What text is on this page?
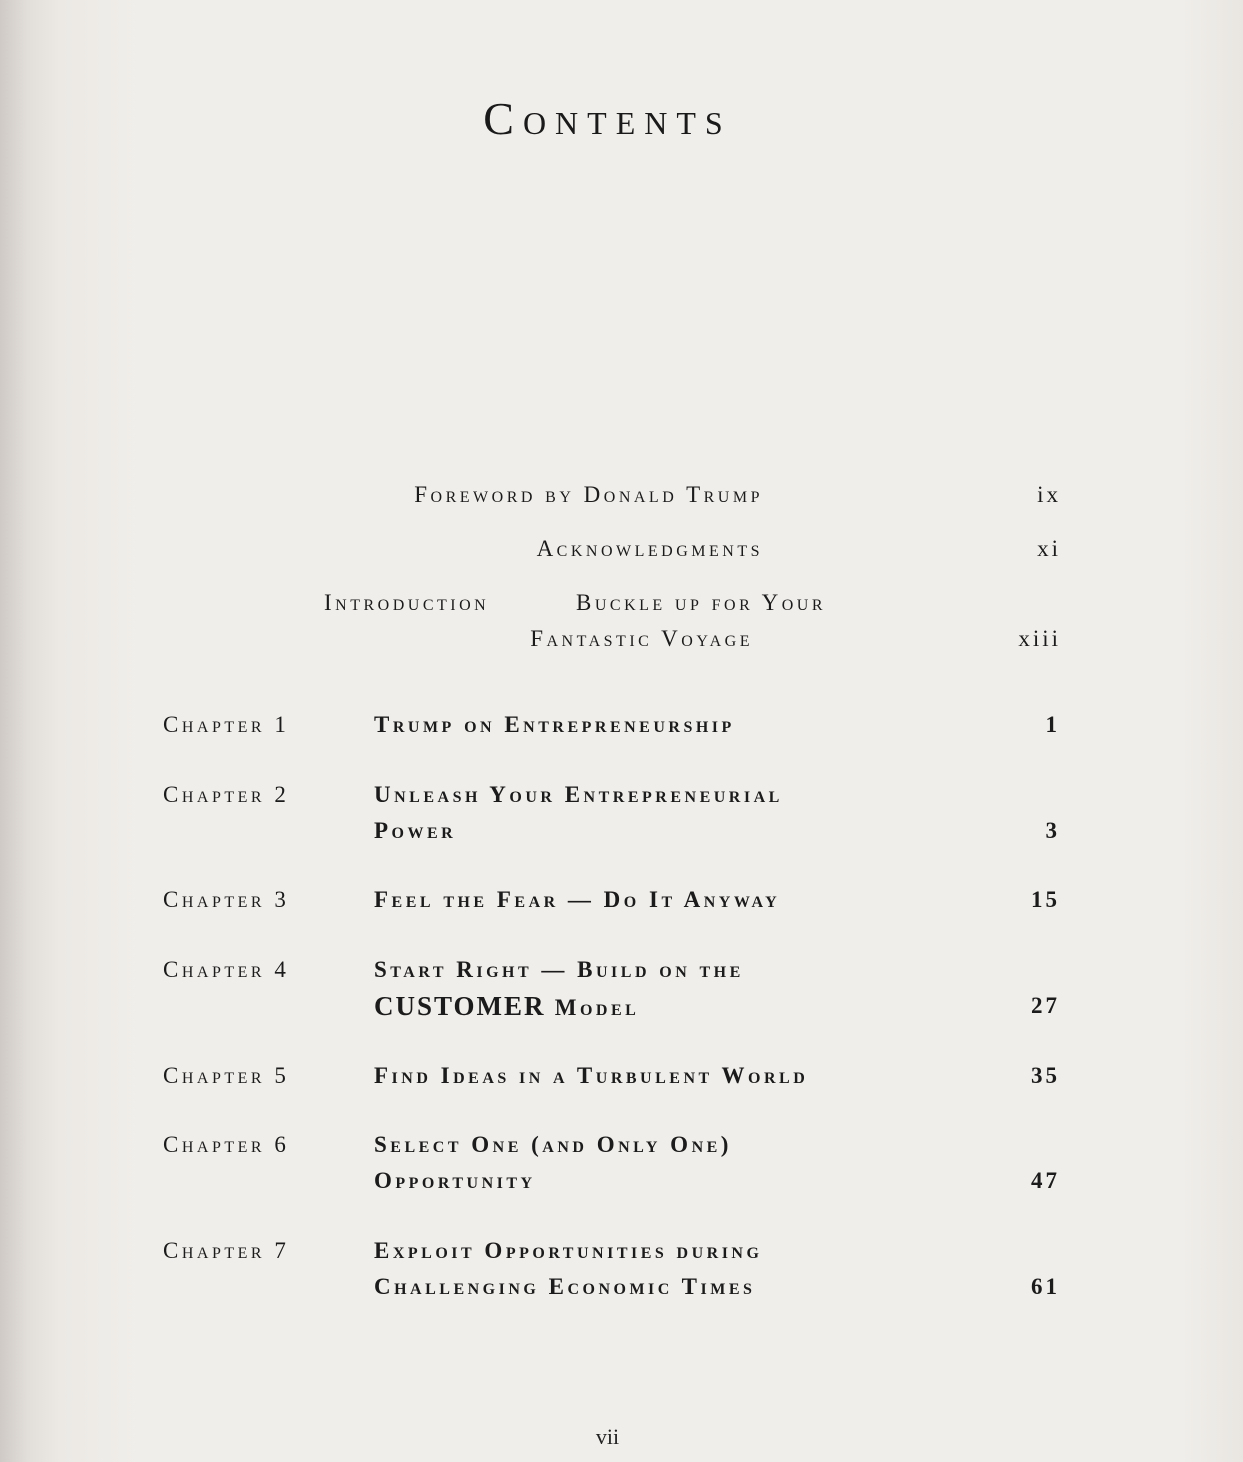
Contents
Foreword by Donald Trump	ix
Acknowledgments	xi
Introduction	Buckle up for Your
Fantastic Voyage	xiii
Chapter 1	Trump on Entrepreneurship	1
Chapter 2	Unleash Your Entrepreneurial
Power	3
Chapter 3	Feel the Fear — Do It Anyway	15
Chapter 4	Start Right — Build on the
CUSTOMER Model	27
Chapter 5	Find Ideas in a Turbulent World	35
Chapter 6	Select One (and Only One)
Opportunity	47
Chapter 7	Exploit Opportunities during
Challenging Economic Times	61
vii
